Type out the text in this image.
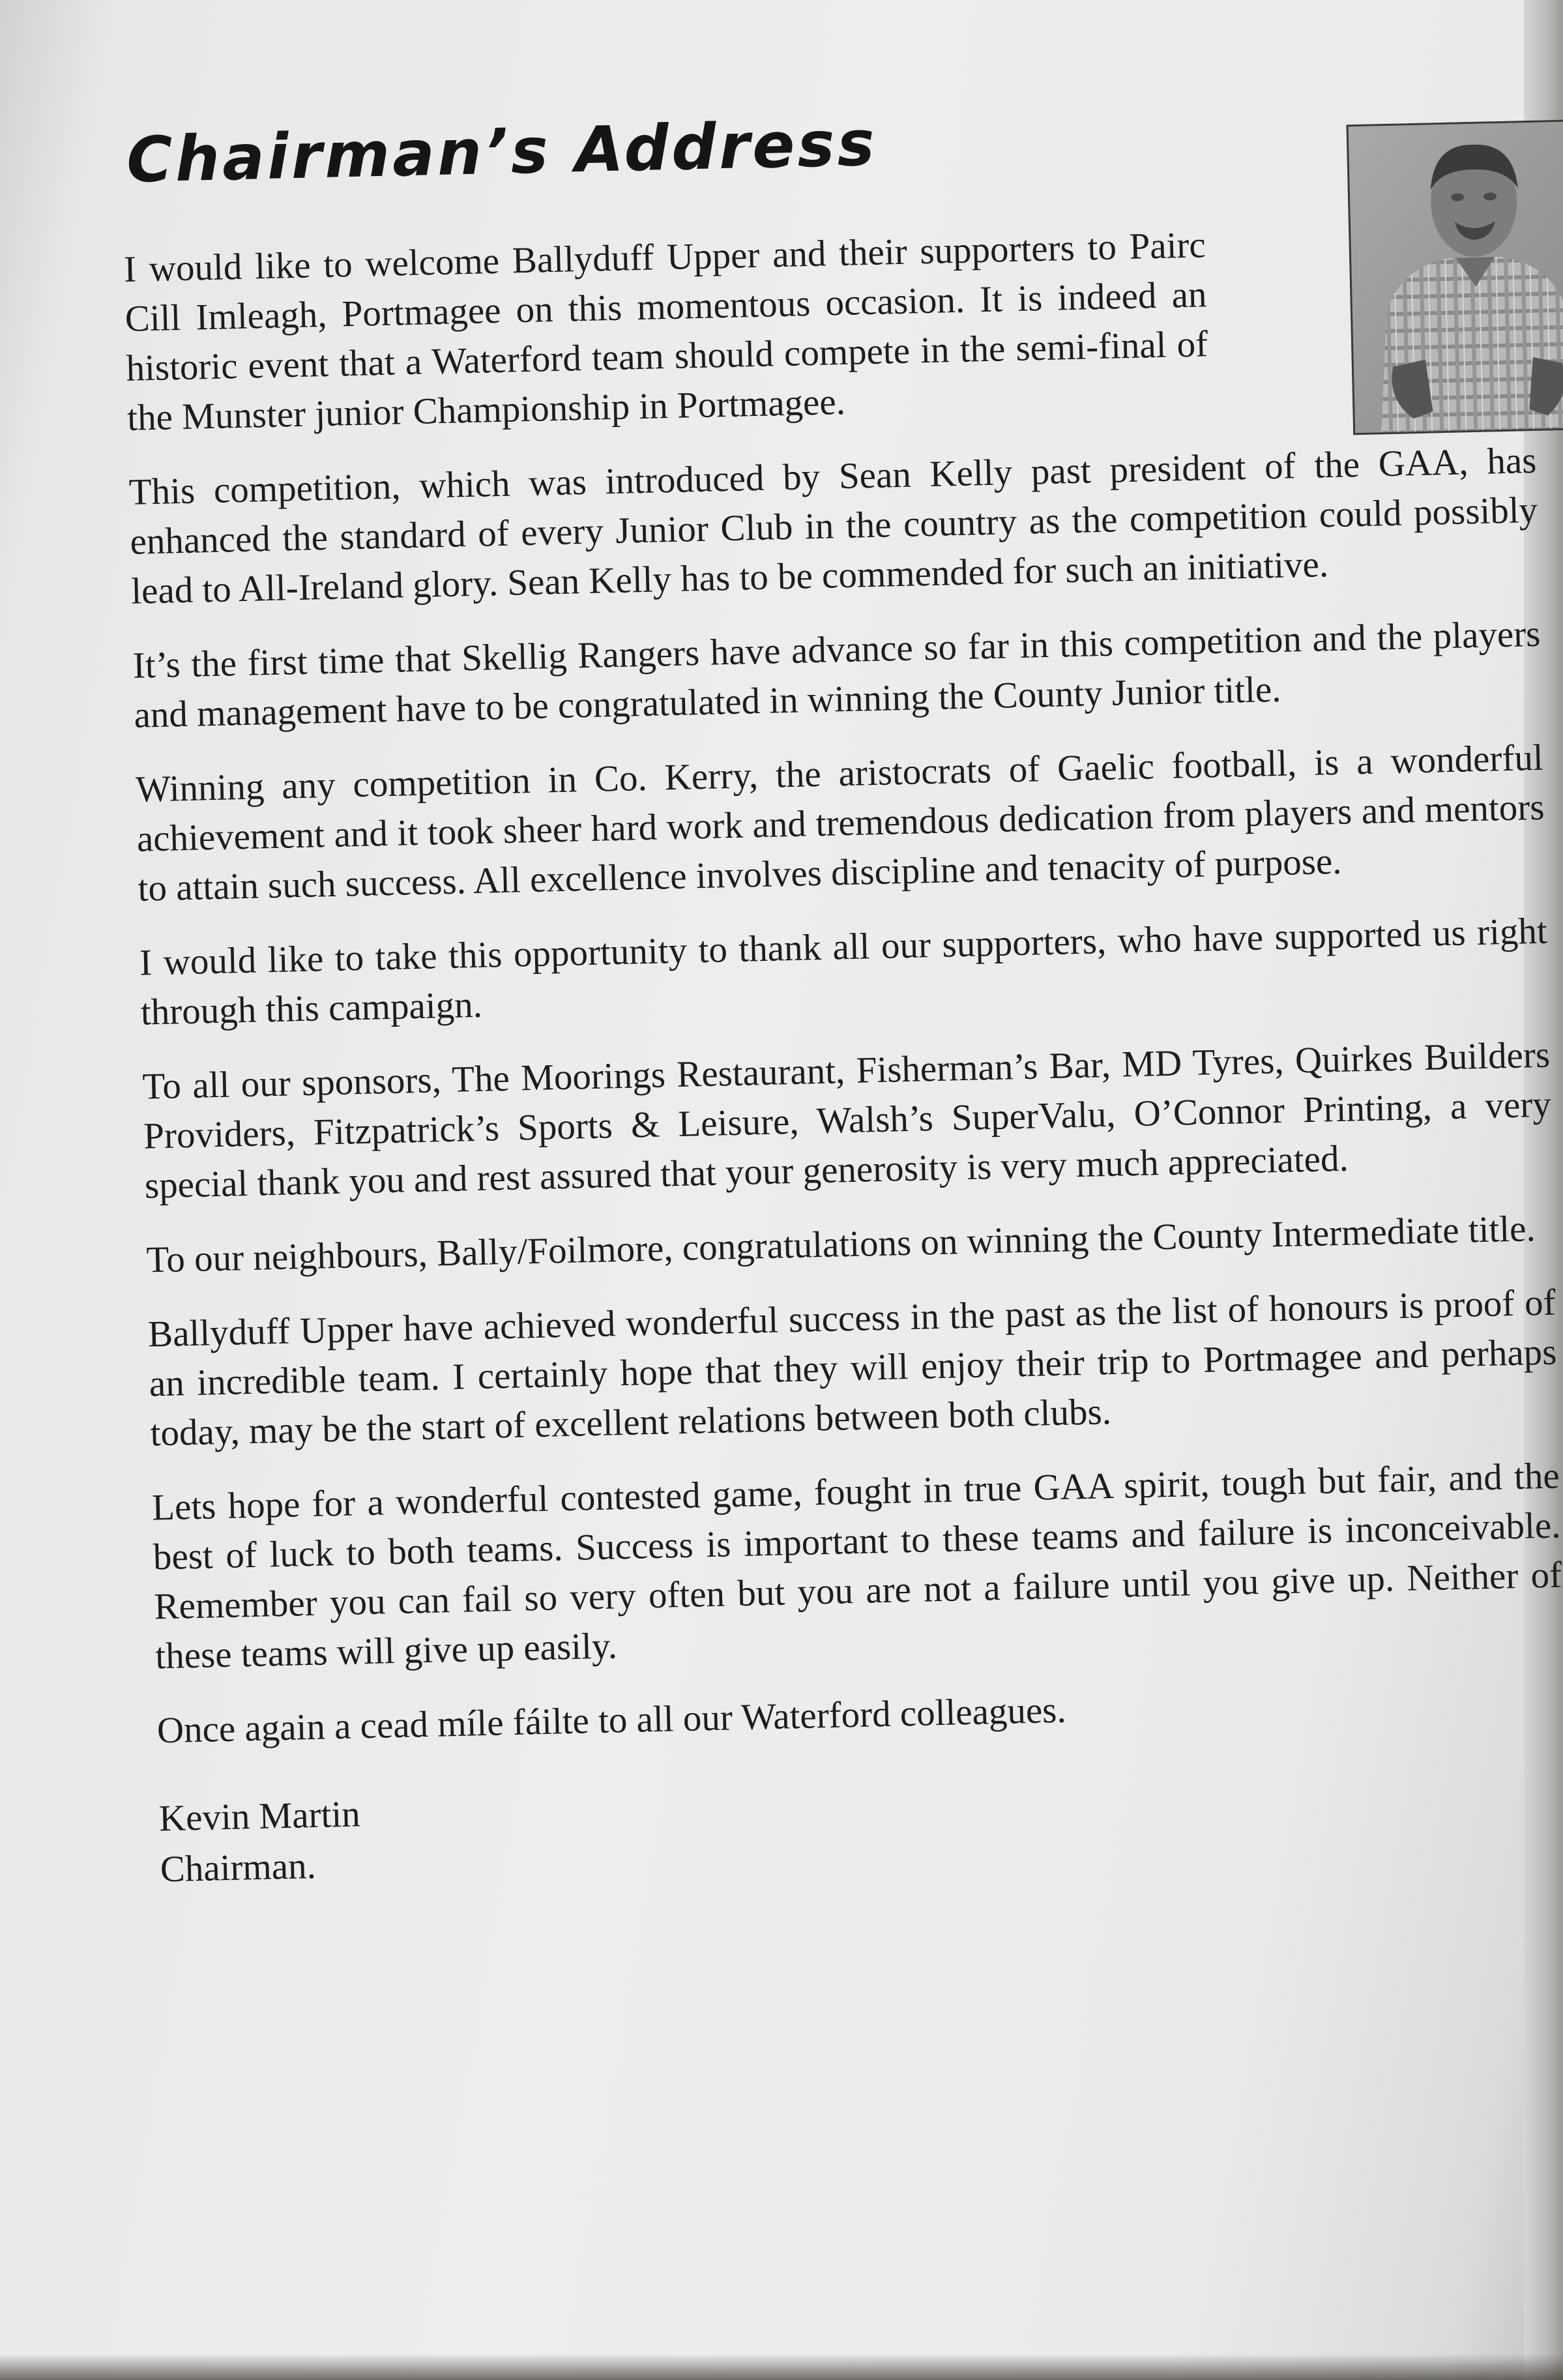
Chairman’s Address

I would like to welcome Ballyduff Upper and their supporters to Pairc Cill Imleagh, Portmagee on this momentous occasion. It is indeed an historic event that a Waterford team should compete in the semi-final of the Munster junior Championship in Portmagee.

This competition, which was introduced by Sean Kelly past president of the GAA, has enhanced the standard of every Junior Club in the country as the competition could possibly lead to All-Ireland glory. Sean Kelly has to be commended for such an initiative.

It’s the first time that Skellig Rangers have advance so far in this competition and the players and management have to be congratulated in winning the County Junior title.

Winning any competition in Co. Kerry, the aristocrats of Gaelic football, is a wonderful achievement and it took sheer hard work and tremendous dedication from players and mentors to attain such success. All excellence involves discipline and tenacity of purpose.

I would like to take this opportunity to thank all our supporters, who have supported us right through this campaign.

To all our sponsors, The Moorings Restaurant, Fisherman’s Bar, MD Tyres, Quirkes Builders Providers, Fitzpatrick’s Sports & Leisure, Walsh’s SuperValu, O’Connor Printing, a very special thank you and rest assured that your generosity is very much appreciated.

To our neighbours, Bally/Foilmore, congratulations on winning the County Intermediate title.

Ballyduff Upper have achieved wonderful success in the past as the list of honours is proof of an incredible team. I certainly hope that they will enjoy their trip to Portmagee and perhaps today, may be the start of excellent relations between both clubs.

Lets hope for a wonderful contested game, fought in true GAA spirit, tough but fair, and the best of luck to both teams. Success is important to these teams and failure is inconceivable. Remember you can fail so very often but you are not a failure until you give up. Neither of these teams will give up easily.

Once again a cead míle fáilte to all our Waterford colleagues.

Kevin Martin
Chairman.
